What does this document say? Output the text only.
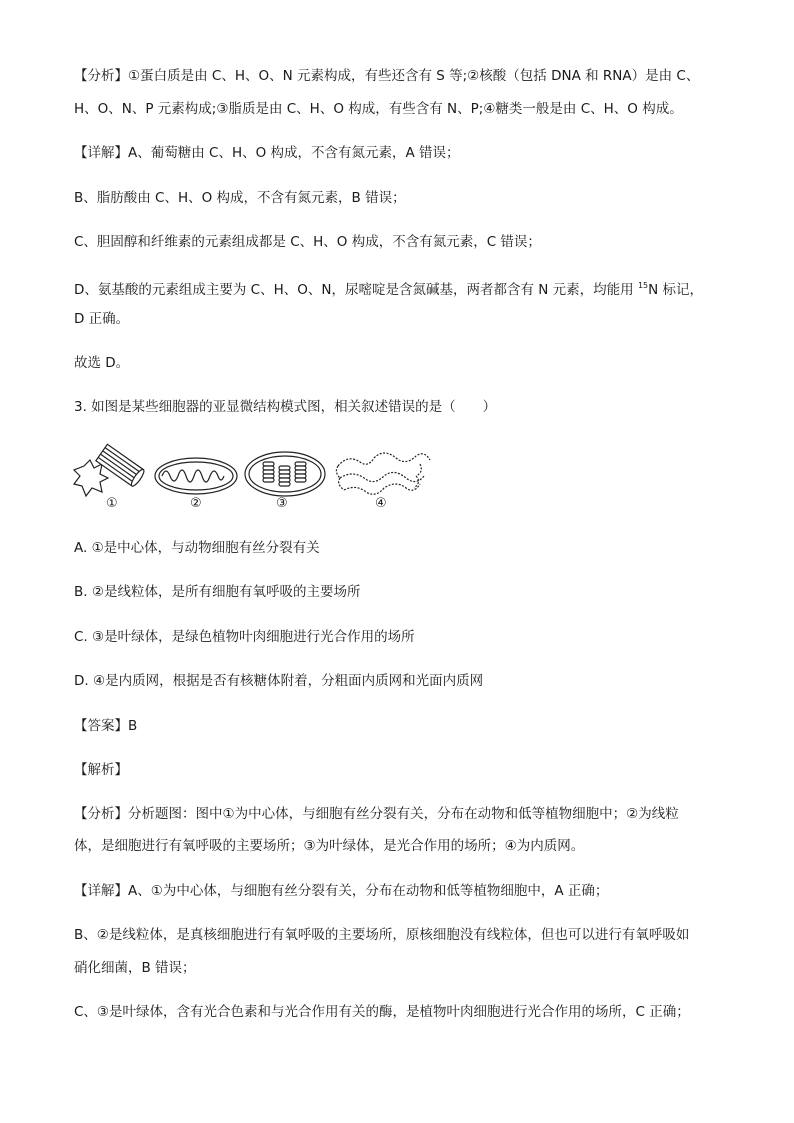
【分析】①蛋白质是由 C、H、O、N 元素构成，有些还含有 S 等;②核酸（包括 DNA 和 RNA）是由 C、
H、O、N、P 元素构成;③脂质是由 C、H、O 构成，有些含有 N、P;④糖类一般是由 C、H、O 构成。
【详解】A、葡萄糖由 C、H、O 构成，不含有氮元素，A 错误；
B、脂肪酸由 C、H、O 构成，不含有氮元素，B 错误；
C、胆固醇和纤维素的元素组成都是 C、H、O 构成，不含有氮元素，C 错误；
D、氨基酸的元素组成主要为 C、H、O、N，尿嘧啶是含氮碱基，两者都含有 N 元素，均能用 $^{15}$N 标记，
D 正确。
故选 D。
3. 如图是某些细胞器的亚显微结构模式图，相关叙述错误的是（　　）
①	②	③	④
A. ①是中心体，与动物细胞有丝分裂有关
B. ②是线粒体，是所有细胞有氧呼吸的主要场所
C. ③是叶绿体，是绿色植物叶肉细胞进行光合作用的场所
D. ④是内质网，根据是否有核糖体附着，分粗面内质网和光面内质网
【答案】B
【解析】
【分析】分析题图：图中①为中心体，与细胞有丝分裂有关，分布在动物和低等植物细胞中；②为线粒
体，是细胞进行有氧呼吸的主要场所；③为叶绿体，是光合作用的场所；④为内质网。
【详解】A、①为中心体，与细胞有丝分裂有关，分布在动物和低等植物细胞中，A 正确；
B、②是线粒体，是真核细胞进行有氧呼吸的主要场所，原核细胞没有线粒体，但也可以进行有氧呼吸如
硝化细菌，B 错误；
C、③是叶绿体，含有光合色素和与光合作用有关的酶，是植物叶肉细胞进行光合作用的场所，C 正确；
